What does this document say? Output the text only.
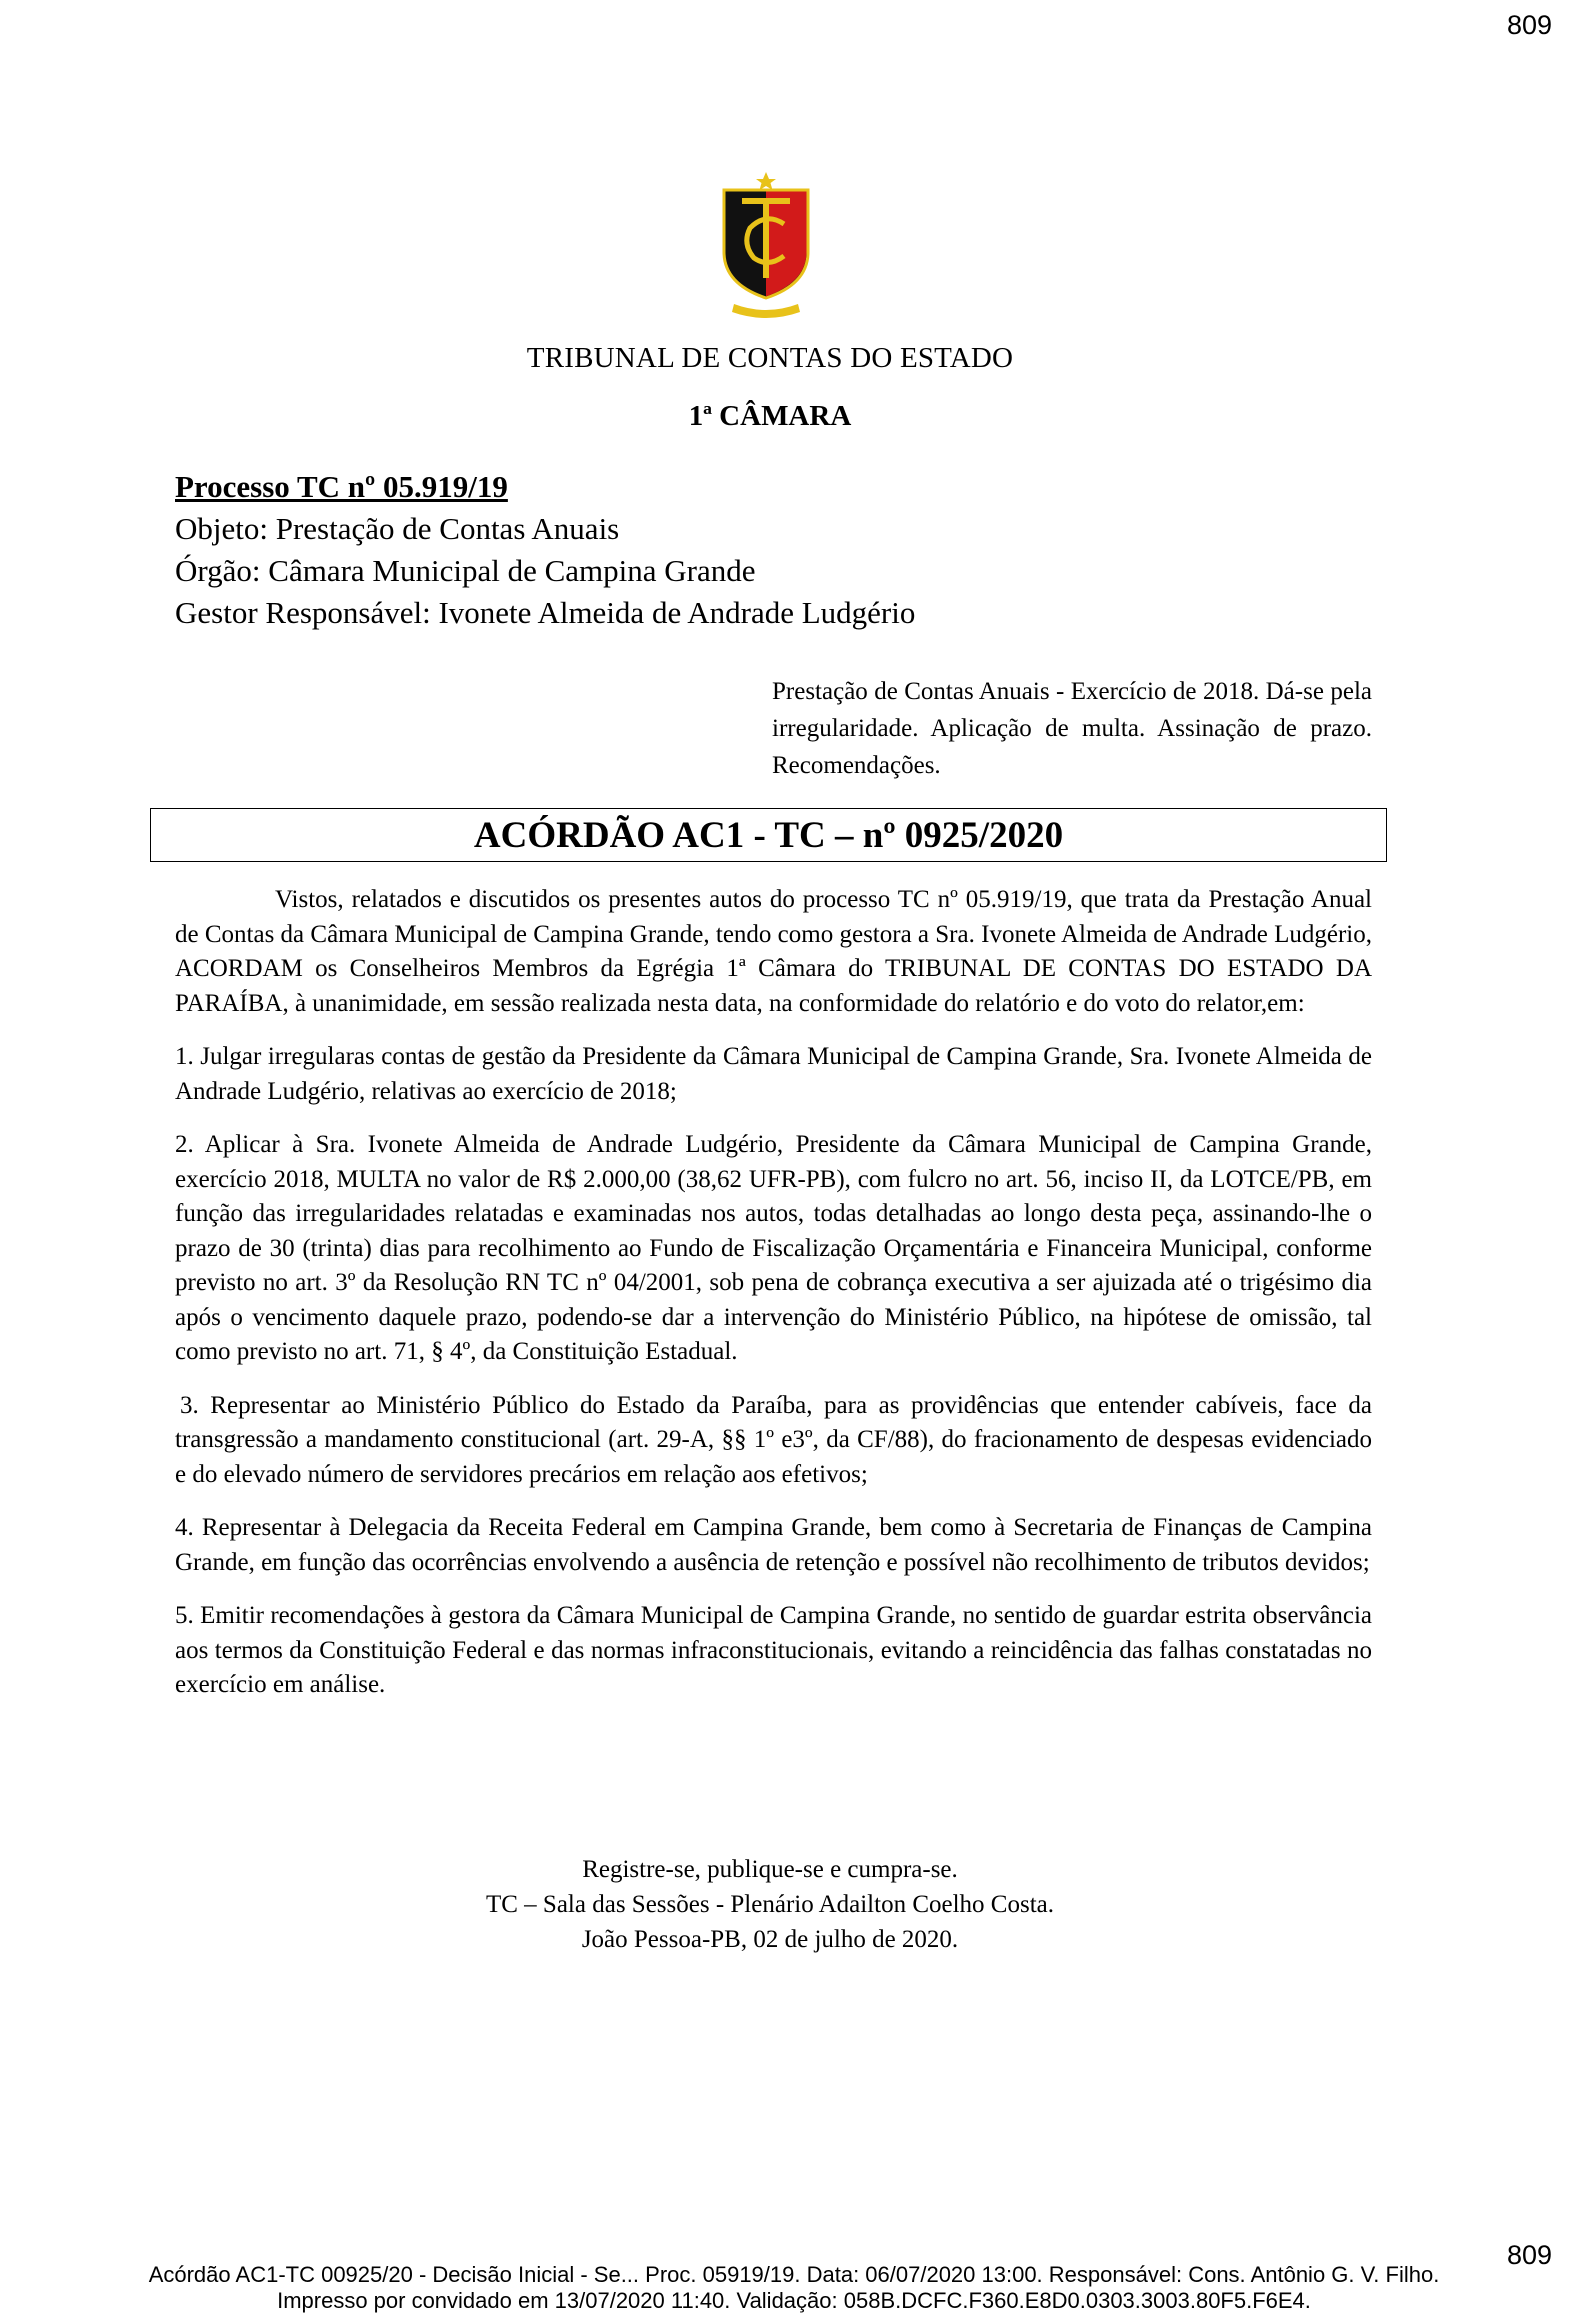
809
TRIBUNAL DE CONTAS DO ESTADO
1ª CÂMARA
Processo TC nº 05.919/19
Objeto: Prestação de Contas Anuais
Órgão: Câmara Municipal de Campina Grande
Gestor Responsável: Ivonete Almeida de Andrade Ludgério
Prestação de Contas Anuais - Exercício de 2018. Dá-se pela irregularidade. Aplicação de multa. Assinação de prazo. Recomendações.
ACÓRDÃO AC1 - TC – nº 0925/2020

Vistos, relatados e discutidos os presentes autos do processo TC nº 05.919/19, que trata da Prestação Anual de Contas da Câmara Municipal de Campina Grande, tendo como gestora a Sra. Ivonete Almeida de Andrade Ludgério, ACORDAM os Conselheiros Membros da Egrégia 1ª Câmara do TRIBUNAL DE CONTAS DO ESTADO DA PARAÍBA, à unanimidade, em sessão realizada nesta data, na conformidade do relatório e do voto do relator,em:

1. Julgar irregularas contas de gestão da Presidente da Câmara Municipal de Campina Grande, Sra. Ivonete Almeida de Andrade Ludgério, relativas ao exercício de 2018;

2. Aplicar à Sra. Ivonete Almeida de Andrade Ludgério, Presidente da Câmara Municipal de Campina Grande, exercício 2018, MULTA no valor de R$ 2.000,00 (38,62 UFR-PB), com fulcro no art. 56, inciso II, da LOTCE/PB, em função das irregularidades relatadas e examinadas nos autos, todas detalhadas ao longo desta peça, assinando-lhe o prazo de 30 (trinta) dias para recolhimento ao Fundo de Fiscalização Orçamentária e Financeira Municipal, conforme previsto no art. 3º da Resolução RN TC nº 04/2001, sob pena de cobrança executiva a ser ajuizada até o trigésimo dia após o vencimento daquele prazo, podendo-se dar a intervenção do Ministério Público, na hipótese de omissão, tal como previsto no art. 71, § 4º, da Constituição Estadual.

3. Representar ao Ministério Público do Estado da Paraíba, para as providências que entender cabíveis, face da transgressão a mandamento constitucional (art. 29-A, §§ 1º e3º, da CF/88), do fracionamento de despesas evidenciado e do elevado número de servidores precários em relação aos efetivos;

4. Representar à Delegacia da Receita Federal em Campina Grande, bem como à Secretaria de Finanças de Campina Grande, em função das ocorrências envolvendo a ausência de retenção e possível não recolhimento de tributos devidos;

5. Emitir recomendações à gestora da Câmara Municipal de Campina Grande, no sentido de guardar estrita observância aos termos da Constituição Federal e das normas infraconstitucionais, evitando a reincidência das falhas constatadas no exercício em análise.

Registre-se, publique-se e cumpra-se.
TC – Sala das Sessões - Plenário Adailton Coelho Costa.
João Pessoa-PB, 02 de julho de 2020.
809
Acórdão AC1-TC 00925/20 - Decisão Inicial - Se... Proc. 05919/19. Data: 06/07/2020 13:00. Responsável: Cons. Antônio G. V. Filho.
Impresso por convidado em 13/07/2020 11:40. Validação: 058B.DCFC.F360.E8D0.0303.3003.80F5.F6E4.
